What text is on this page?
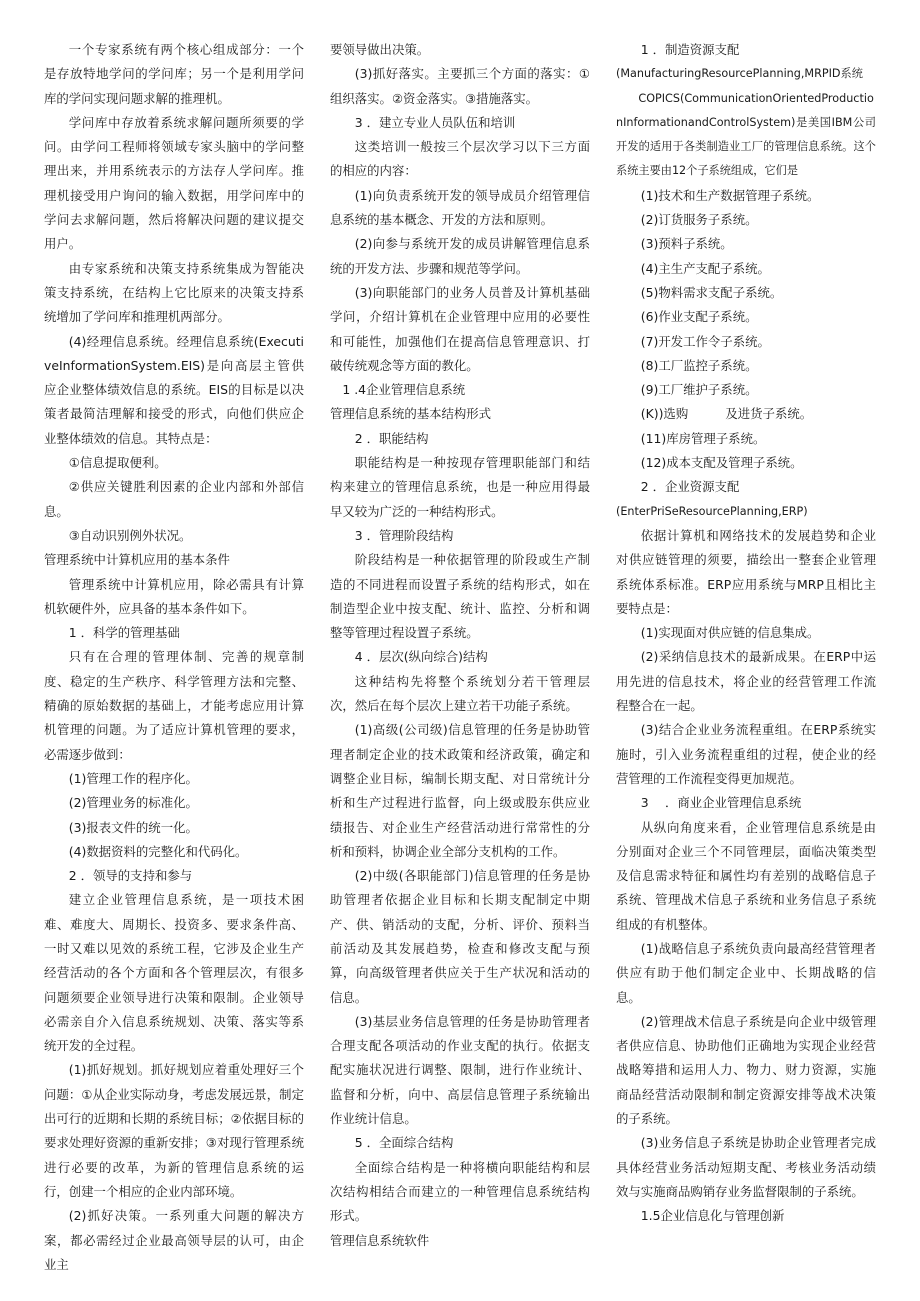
一个专家系统有两个核心组成部分：一个是存放特地学问的学问库；另一个是利用学问库的学问实现问题求解的推理机。

学问库中存放着系统求解问题所须要的学问。由学问工程师将领域专家头脑中的学问整理出来，并用系统表示的方法存人学问库。推理机接受用户询问的输入数据，用学问库中的学问去求解问题，然后将解决问题的建议提交用户。

由专家系统和决策支持系统集成为智能决策支持系统，在结构上它比原来的决策支持系统增加了学问库和推理机两部分。

(4)经理信息系统。经理信息系统(ExecutiveInformationSystem.EIS)是向高层主管供应企业整体绩效信息的系统。EIS的目标是以决策者最简洁理解和接受的形式，向他们供应企业整体绩效的信息。其特点是：

①信息提取便利。

②供应关键胜利因素的企业内部和外部信息。

③自动识别例外状况。

管理系统中计算机应用的基本条件

管理系统中计算机应用，除必需具有计算机软硬件外，应具备的基本条件如下。

1 ．科学的管理基础

只有在合理的管理体制、完善的规章制度、稳定的生产秩序、科学管理方法和完整、精确的原始数据的基础上，才能考虑应用计算机管理的问题。为了适应计算机管理的要求，必需逐步做到：

(1)管理工作的程序化。

(2)管理业务的标准化。

(3)报表文件的统一化。

(4)数据资料的完整化和代码化。

2 ．领导的支持和参与

建立企业管理信息系统，是一项技术困难、难度大、周期长、投资多、要求条件高、一时又难以见效的系统工程，它涉及企业生产经营活动的各个方面和各个管理层次，有很多问题须要企业领导进行决策和限制。企业领导必需亲自介入信息系统规划、决策、落实等系统开发的全过程。

(1)抓好规划。抓好规划应着重处理好三个问题：①从企业实际动身，考虑发展远景，制定出可行的近期和长期的系统目标；②依据目标的要求处理好资源的重新安排；③对现行管理系统进行必要的改革，为新的管理信息系统的运行，创建一个相应的企业内部环境。

(2)抓好决策。一系列重大问题的解决方案，都必需经过企业最高领导层的认可，由企业主

要领导做出决策。

(3)抓好落实。主要抓三个方面的落实：①组织落实。②资金落实。③措施落实。

3 ．建立专业人员队伍和培训

这类培训一般按三个层次学习以下三方面的相应的内容：

(1)向负责系统开发的领导成员介绍管理信息系统的基本概念、开发的方法和原则。

(2)向参与系统开发的成员讲解管理信息系统的开发方法、步骤和规范等学问。

(3)向职能部门的业务人员普及计算机基础学问，介绍计算机在企业管理中应用的必要性和可能性，加强他们在提高信息管理意识、打破传统观念等方面的教化。

1 .4企业管理信息系统

管理信息系统的基本结构形式

2 ．职能结构

职能结构是一种按现存管理职能部门和结构来建立的管理信息系统，也是一种应用得最早又较为广泛的一种结构形式。

3 ．管理阶段结构

阶段结构是一种依据管理的阶段或生产制造的不同进程而设置子系统的结构形式，如在制造型企业中按支配、统计、监控、分析和调整等管理过程设置子系统。

4 ．层次(纵向综合)结构

这种结构先将整个系统划分若干管理层次，然后在每个层次上建立若干功能子系统。

(1)高级(公司级)信息管理的任务是协助管理者制定企业的技术政策和经济政策，确定和调整企业目标，编制长期支配、对日常统计分析和生产过程进行监督，向上级或股东供应业绩报告、对企业生产经营活动进行常常性的分析和预料，协调企业全部分支机构的工作。

(2)中级(各职能部门)信息管理的任务是协助管理者依据企业目标和长期支配制定中期产、供、销活动的支配，分析、评价、预料当前活动及其发展趋势，检查和修改支配与预算，向高级管理者供应关于生产状况和活动的信息。

(3)基层业务信息管理的任务是协助管理者合理支配各项活动的作业支配的执行。依据支配实施状况进行调整、限制，进行作业统计、监督和分析，向中、高层信息管理子系统输出作业统计信息。

5 ．全面综合结构

全面综合结构是一种将横向职能结构和层次结构相结合而建立的一种管理信息系统结构形式。

管理信息系统软件

1 ．制造资源支配

(ManufacturingResourcePlanning,MRPID系统

COPICS(CommunicationOrientedProductionInformationandControlSystem)是美国IBM公司开发的适用于各类制造业工厂的管理信息系统。这个系统主要由12个子系统组成，它们是

(1)技术和生产数据管理子系统。

(2)订货服务子系统。

(3)预料子系统。

(4)主生产支配子系统。

(5)物料需求支配子系统。

(6)作业支配子系统。

(7)开发工作令子系统。

(8)工厂监控子系统。

(9)工厂维护子系统。

(K))选购　　　及进货子系统。

(11)库房管理子系统。

(12)成本支配及管理子系统。

2 ．企业资源支配

(EnterPriSeResourcePlanning,ERP)

依据计算机和网络技术的发展趋势和企业对供应链管理的须要，描绘出一整套企业管理系统体系标准。ERP应用系统与MRP且相比主要特点是：

(1)实现面对供应链的信息集成。

(2)采纳信息技术的最新成果。在ERP中运用先进的信息技术，将企业的经营管理工作流程整合在一起。

(3)结合企业业务流程重组。在ERP系统实施时，引入业务流程重组的过程，使企业的经营管理的工作流程变得更加规范。

3 　．商业企业管理信息系统

从纵向角度来看，企业管理信息系统是由分别面对企业三个不同管理层，面临决策类型及信息需求特征和属性均有差别的战略信息子系统、管理战术信息子系统和业务信息子系统组成的有机整体。

(1)战略信息子系统负责向最高经营管理者供应有助于他们制定企业中、长期战略的信息。

(2)管理战术信息子系统是向企业中级管理者供应信息、协助他们正确地为实现企业经营战略筹措和运用人力、物力、财力资源，实施商品经营活动限制和制定资源安排等战术决策的子系统。

(3)业务信息子系统是协助企业管理者完成具体经营业务活动短期支配、考核业务活动绩效与实施商品购销存业务监督限制的子系统。

1.5企业信息化与管理创新
